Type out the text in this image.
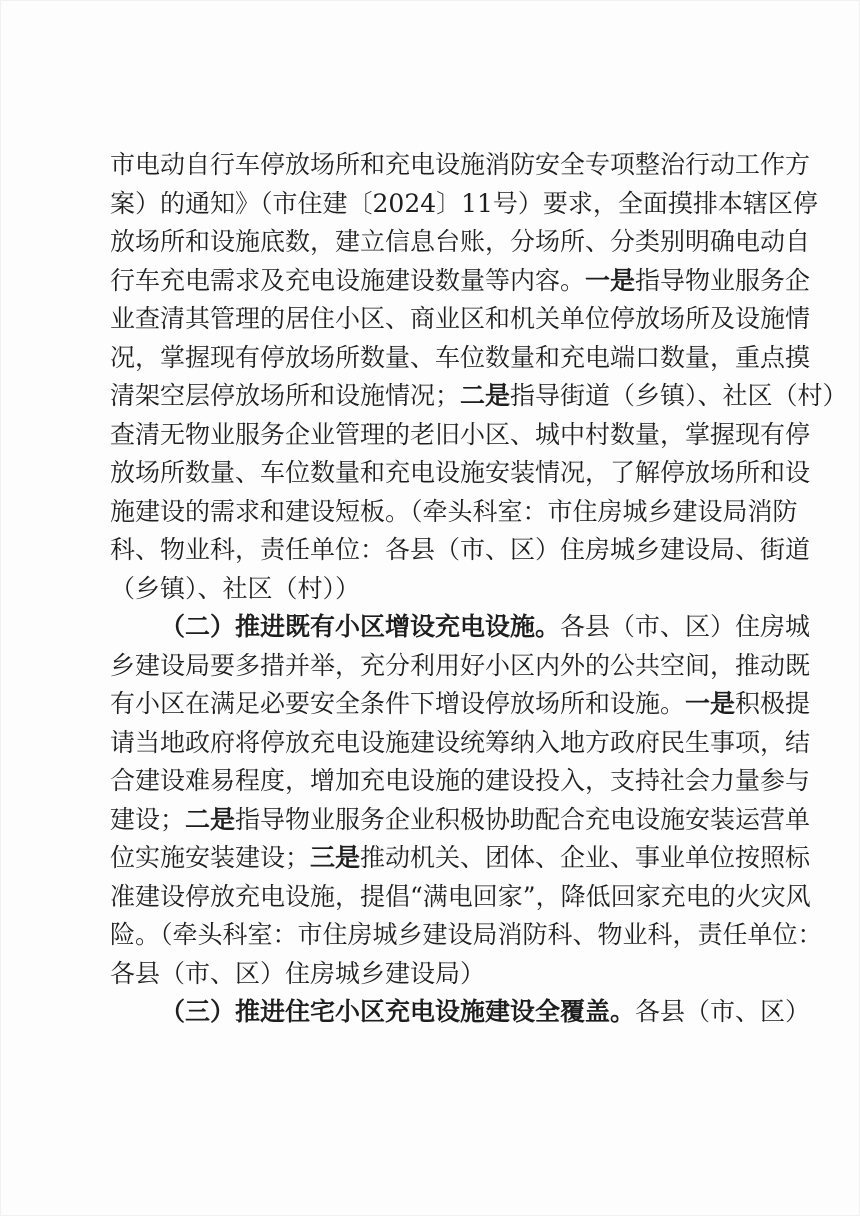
市电动自行车停放场所和充电设施消防安全专项整治行动工作方
案）的通知》（市住建〔2024〕11号）要求，全面摸排本辖区停
放场所和设施底数，建立信息台账，分场所、分类别明确电动自
行车充电需求及充电设施建设数量等内容。一是指导物业服务企
业查清其管理的居住小区、商业区和机关单位停放场所及设施情
况，掌握现有停放场所数量、车位数量和充电端口数量，重点摸
清架空层停放场所和设施情况；二是指导街道（乡镇）、社区（村）
查清无物业服务企业管理的老旧小区、城中村数量，掌握现有停
放场所数量、车位数量和充电设施安装情况，了解停放场所和设
施建设的需求和建设短板。（牵头科室：市住房城乡建设局消防
科、物业科，责任单位：各县（市、区）住房城乡建设局、街道
（乡镇）、社区（村））
（二）推进既有小区增设充电设施。各县（市、区）住房城
乡建设局要多措并举，充分利用好小区内外的公共空间，推动既
有小区在满足必要安全条件下增设停放场所和设施。一是积极提
请当地政府将停放充电设施建设统筹纳入地方政府民生事项，结
合建设难易程度，增加充电设施的建设投入，支持社会力量参与
建设；二是指导物业服务企业积极协助配合充电设施安装运营单
位实施安装建设；三是推动机关、团体、企业、事业单位按照标
准建设停放充电设施，提倡“满电回家”，降低回家充电的火灾风
险。（牵头科室：市住房城乡建设局消防科、物业科，责任单位：
各县（市、区）住房城乡建设局）
（三）推进住宅小区充电设施建设全覆盖。各县（市、区）
